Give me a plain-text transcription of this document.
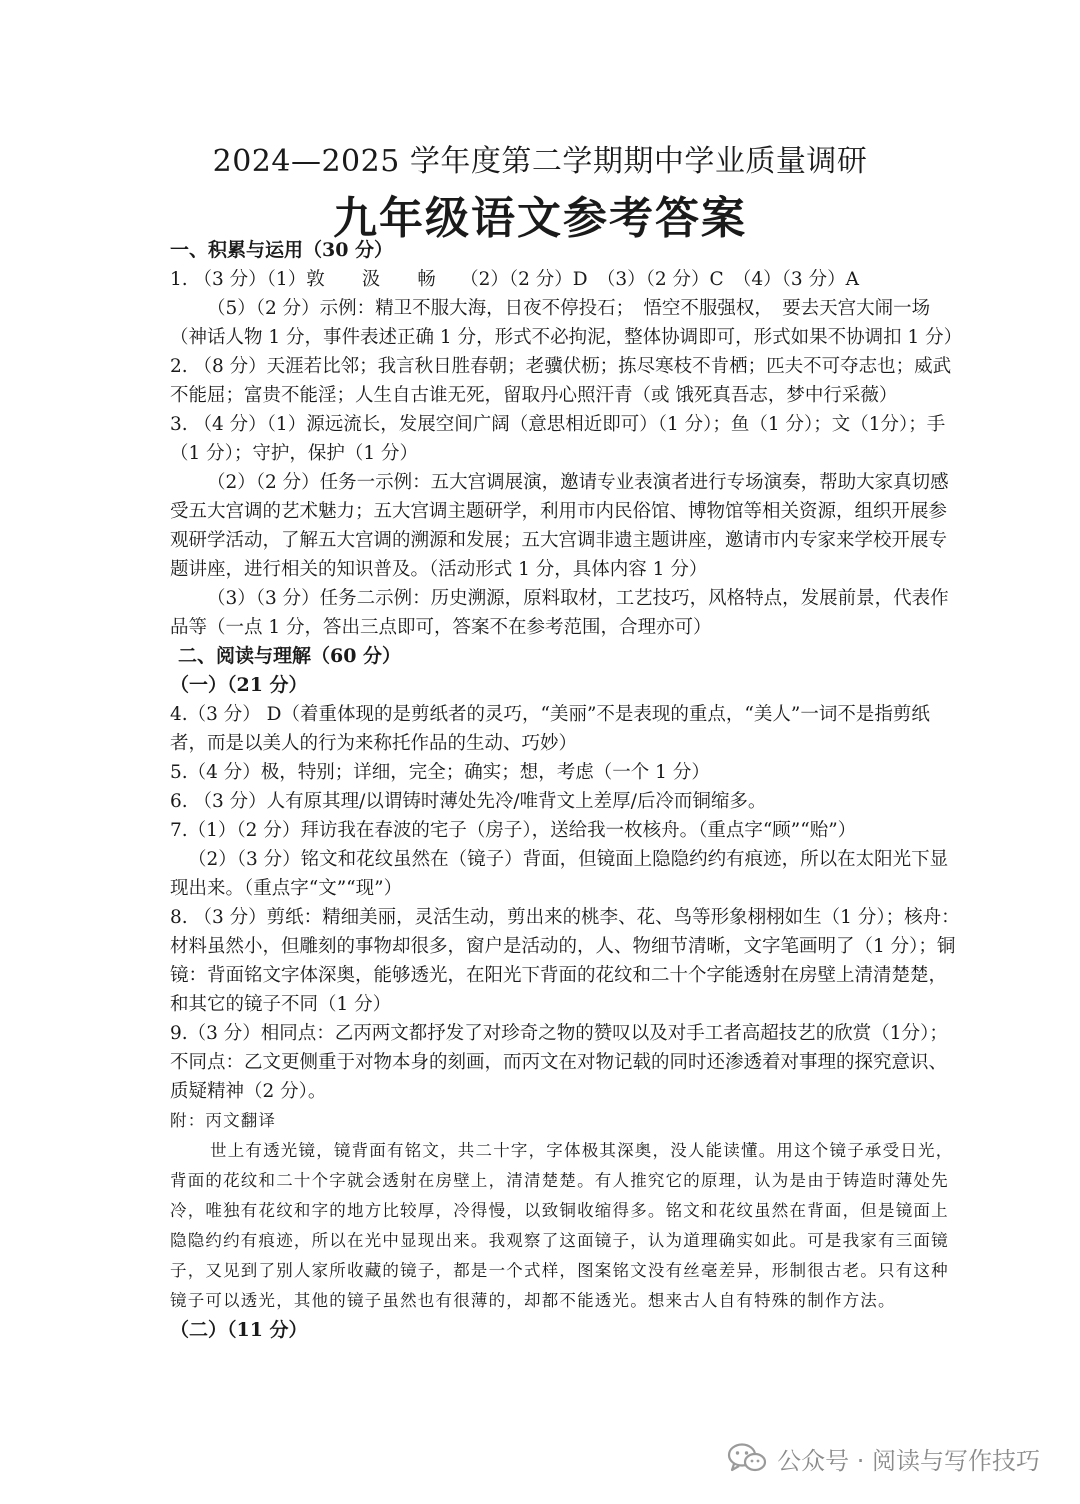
2024—2025 学年度第二学期期中学业质量调研
九年级语文参考答案

一、积累与运用（30 分）

1. （3 分）（1）敦　　汲　　畅　 （2）（2 分）D　（3）（2 分）C　（4）（3 分）A

（5）（2 分）示例：精卫不服大海，日夜不停投石；　悟空不服强权，　要去天宫大闹一场（神话人物 1 分，事件表述正确 1 分，形式不必拘泥，整体协调即可，形式如果不协调扣 1 分）

2. （8 分）天涯若比邻；我言秋日胜春朝；老骥伏枥；拣尽寒枝不肯栖；匹夫不可夺志也；威武不能屈；富贵不能淫；人生自古谁无死，留取丹心照汗青（或 饿死真吾志，梦中行采薇）

3. （4 分）（1）源远流长，发展空间广阔（意思相近即可）（1 分）；鱼（1 分）；文（1分）；手（1 分）；守护，保护（1 分）

（2）（2 分）任务一示例：五大宫调展演，邀请专业表演者进行专场演奏，帮助大家真切感受五大宫调的艺术魅力；五大宫调主题研学，利用市内民俗馆、博物馆等相关资源，组织开展参观研学活动，了解五大宫调的溯源和发展；五大宫调非遗主题讲座，邀请市内专家来学校开展专题讲座，进行相关的知识普及。（活动形式 1 分，具体内容 1 分）

（3）（3 分）任务二示例：历史溯源，原料取材，工艺技巧，风格特点，发展前景，代表作品等（一点 1 分，答出三点即可，答案不在参考范围，合理亦可）

二、阅读与理解（60 分）

（一）（21 分）

4.（3 分） D（着重体现的是剪纸者的灵巧，“美丽”不是表现的重点，“美人”一词不是指剪纸者，而是以美人的行为来称托作品的生动、巧妙）

5.（4 分）极，特别；详细，完全；确实；想，考虑（一个 1 分）

6. （3 分）人有原其理/以谓铸时薄处先冷/唯背文上差厚/后冷而铜缩多。

7.（1）（2 分）拜访我在春波的宅子（房子），送给我一枚核舟。（重点字“顾”“贻”）

（2）（3 分）铭文和花纹虽然在（镜子）背面，但镜面上隐隐约约有痕迹，所以在太阳光下显现出来。（重点字“文”“现”）

8. （3 分）剪纸：精细美丽，灵活生动，剪出来的桃李、花、鸟等形象栩栩如生（1 分）；核舟：材料虽然小，但雕刻的事物却很多，窗户是活动的，人、物细节清晰，文字笔画明了（1 分）；铜镜：背面铭文字体深奥，能够透光，在阳光下背面的花纹和二十个字能透射在房壁上清清楚楚，和其它的镜子不同（1 分）

9.（3 分）相同点：乙丙两文都抒发了对珍奇之物的赞叹以及对手工者高超技艺的欣赏（1分）；不同点：乙文更侧重于对物本身的刻画，而丙文在对物记载的同时还渗透着对事理的探究意识、质疑精神（2 分）。

附：丙文翻译

世上有透光镜，镜背面有铭文，共二十字，字体极其深奥，没人能读懂。用这个镜子承受日光，背面的花纹和二十个字就会透射在房壁上，清清楚楚。有人推究它的原理，认为是由于铸造时薄处先冷，唯独有花纹和字的地方比较厚，冷得慢，以致铜收缩得多。铭文和花纹虽然在背面，但是镜面上隐隐约约有痕迹，所以在光中显现出来。我观察了这面镜子，认为道理确实如此。可是我家有三面镜子，又见到了别人家所收藏的镜子，都是一个式样，图案铭文没有丝毫差异，形制很古老。只有这种镜子可以透光，其他的镜子虽然也有很薄的，却都不能透光。想来古人自有特殊的制作方法。

（二）（11 分）

公众号 · 阅读与写作技巧
